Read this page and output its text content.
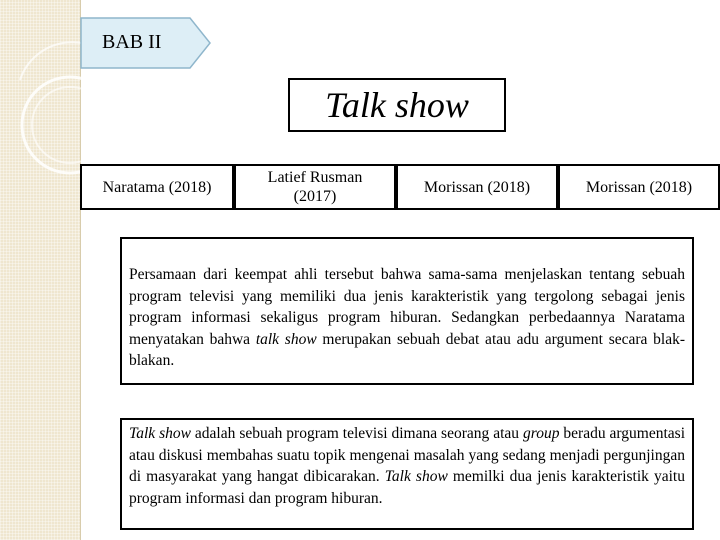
BAB II
Talk show
Naratama (2018)
Latief Rusman
(2017)
Morissan (2018)	Morissan (2018)
Persamaan dari keempat ahli tersebut bahwa sama-sama menjelaskan tentang sebuah program televisi yang memiliki dua jenis karakteristik yang tergolong sebagai jenis program informasi sekaligus program hiburan. Sedangkan perbedaannya Naratama menyatakan bahwa talk show merupakan sebuah debat atau adu argument secara blak-blakan.
Talk show adalah sebuah program televisi dimana seorang atau group beradu argumentasi atau diskusi membahas suatu topik mengenai masalah yang sedang menjadi pergunjingan di masyarakat yang hangat dibicarakan. Talk show memilki dua jenis karakteristik yaitu program informasi dan program hiburan.
